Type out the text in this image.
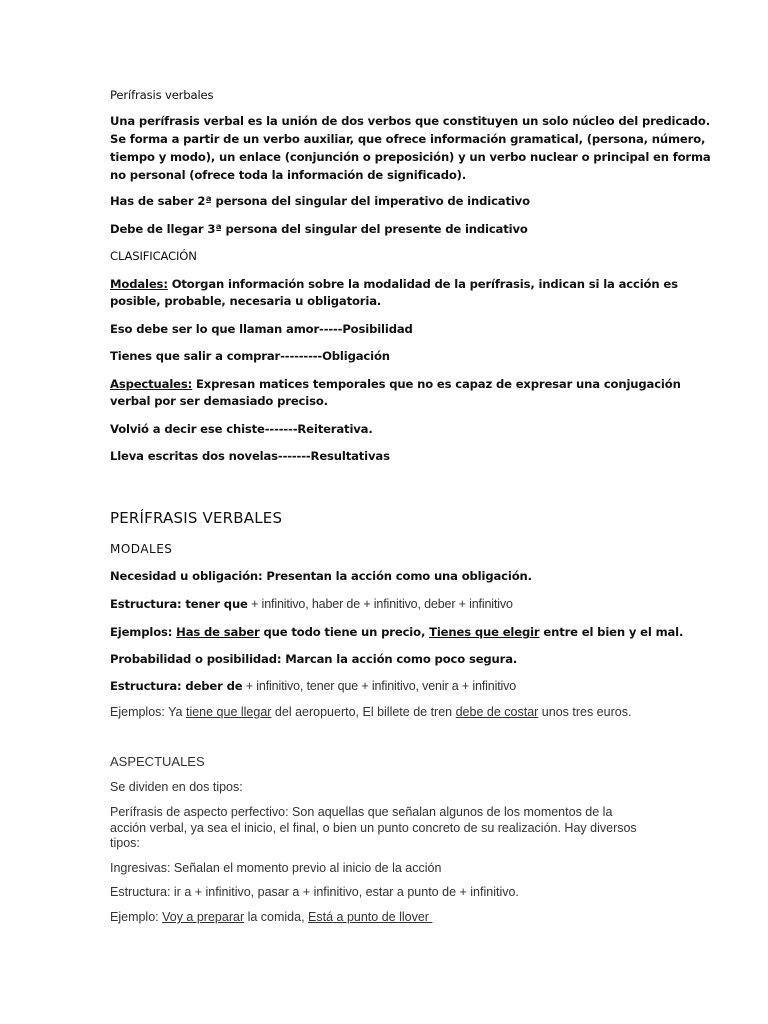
Perífrasis verbales
Una perífrasis verbal es la unión de dos verbos que constituyen un solo núcleo del predicado.
Se forma a partir de un verbo auxiliar, que ofrece información gramatical, (persona, número,
tiempo y modo), un enlace (conjunción o preposición) y un verbo nuclear o principal en forma
no personal (ofrece toda la información de significado).
Has de saber 2ª persona del singular del imperativo de indicativo
Debe de llegar 3ª persona del singular del presente de indicativo
CLASIFICACIÓN
Modales: Otorgan información sobre la modalidad de la perífrasis, indican si la acción es
posible, probable, necesaria u obligatoria.
Eso debe ser lo que llaman amor-----Posibilidad
Tienes que salir a comprar---------Obligación
Aspectuales: Expresan matices temporales que no es capaz de expresar una conjugación
verbal por ser demasiado preciso.
Volvió a decir ese chiste-------Reiterativa.
Lleva escritas dos novelas-------Resultativas
PERÍFRASIS VERBALES
MODALES
Necesidad u obligación: Presentan la acción como una obligación.
Estructura: tener que + infinitivo, haber de + infinitivo, deber + infinitivo
Ejemplos: Has de saber que todo tiene un precio, Tienes que elegir entre el bien y el mal.
Probabilidad o posibilidad: Marcan la acción como poco segura.
Estructura: deber de + infinitivo, tener que + infinitivo, venir a + infinitivo
Ejemplos: Ya tiene que llegar del aeropuerto, El billete de tren debe de costar unos tres euros.
ASPECTUALES
Se dividen en dos tipos:
Perífrasis de aspecto perfectivo: Son aquellas que señalan algunos de los momentos de la
acción verbal, ya sea el inicio, el final, o bien un punto concreto de su realización. Hay diversos
tipos:
Ingresivas: Señalan el momento previo al inicio de la acción
Estructura: ir a + infinitivo, pasar a + infinitivo, estar a punto de + infinitivo.
Ejemplo: Voy a preparar la comida, Está a punto de llover
